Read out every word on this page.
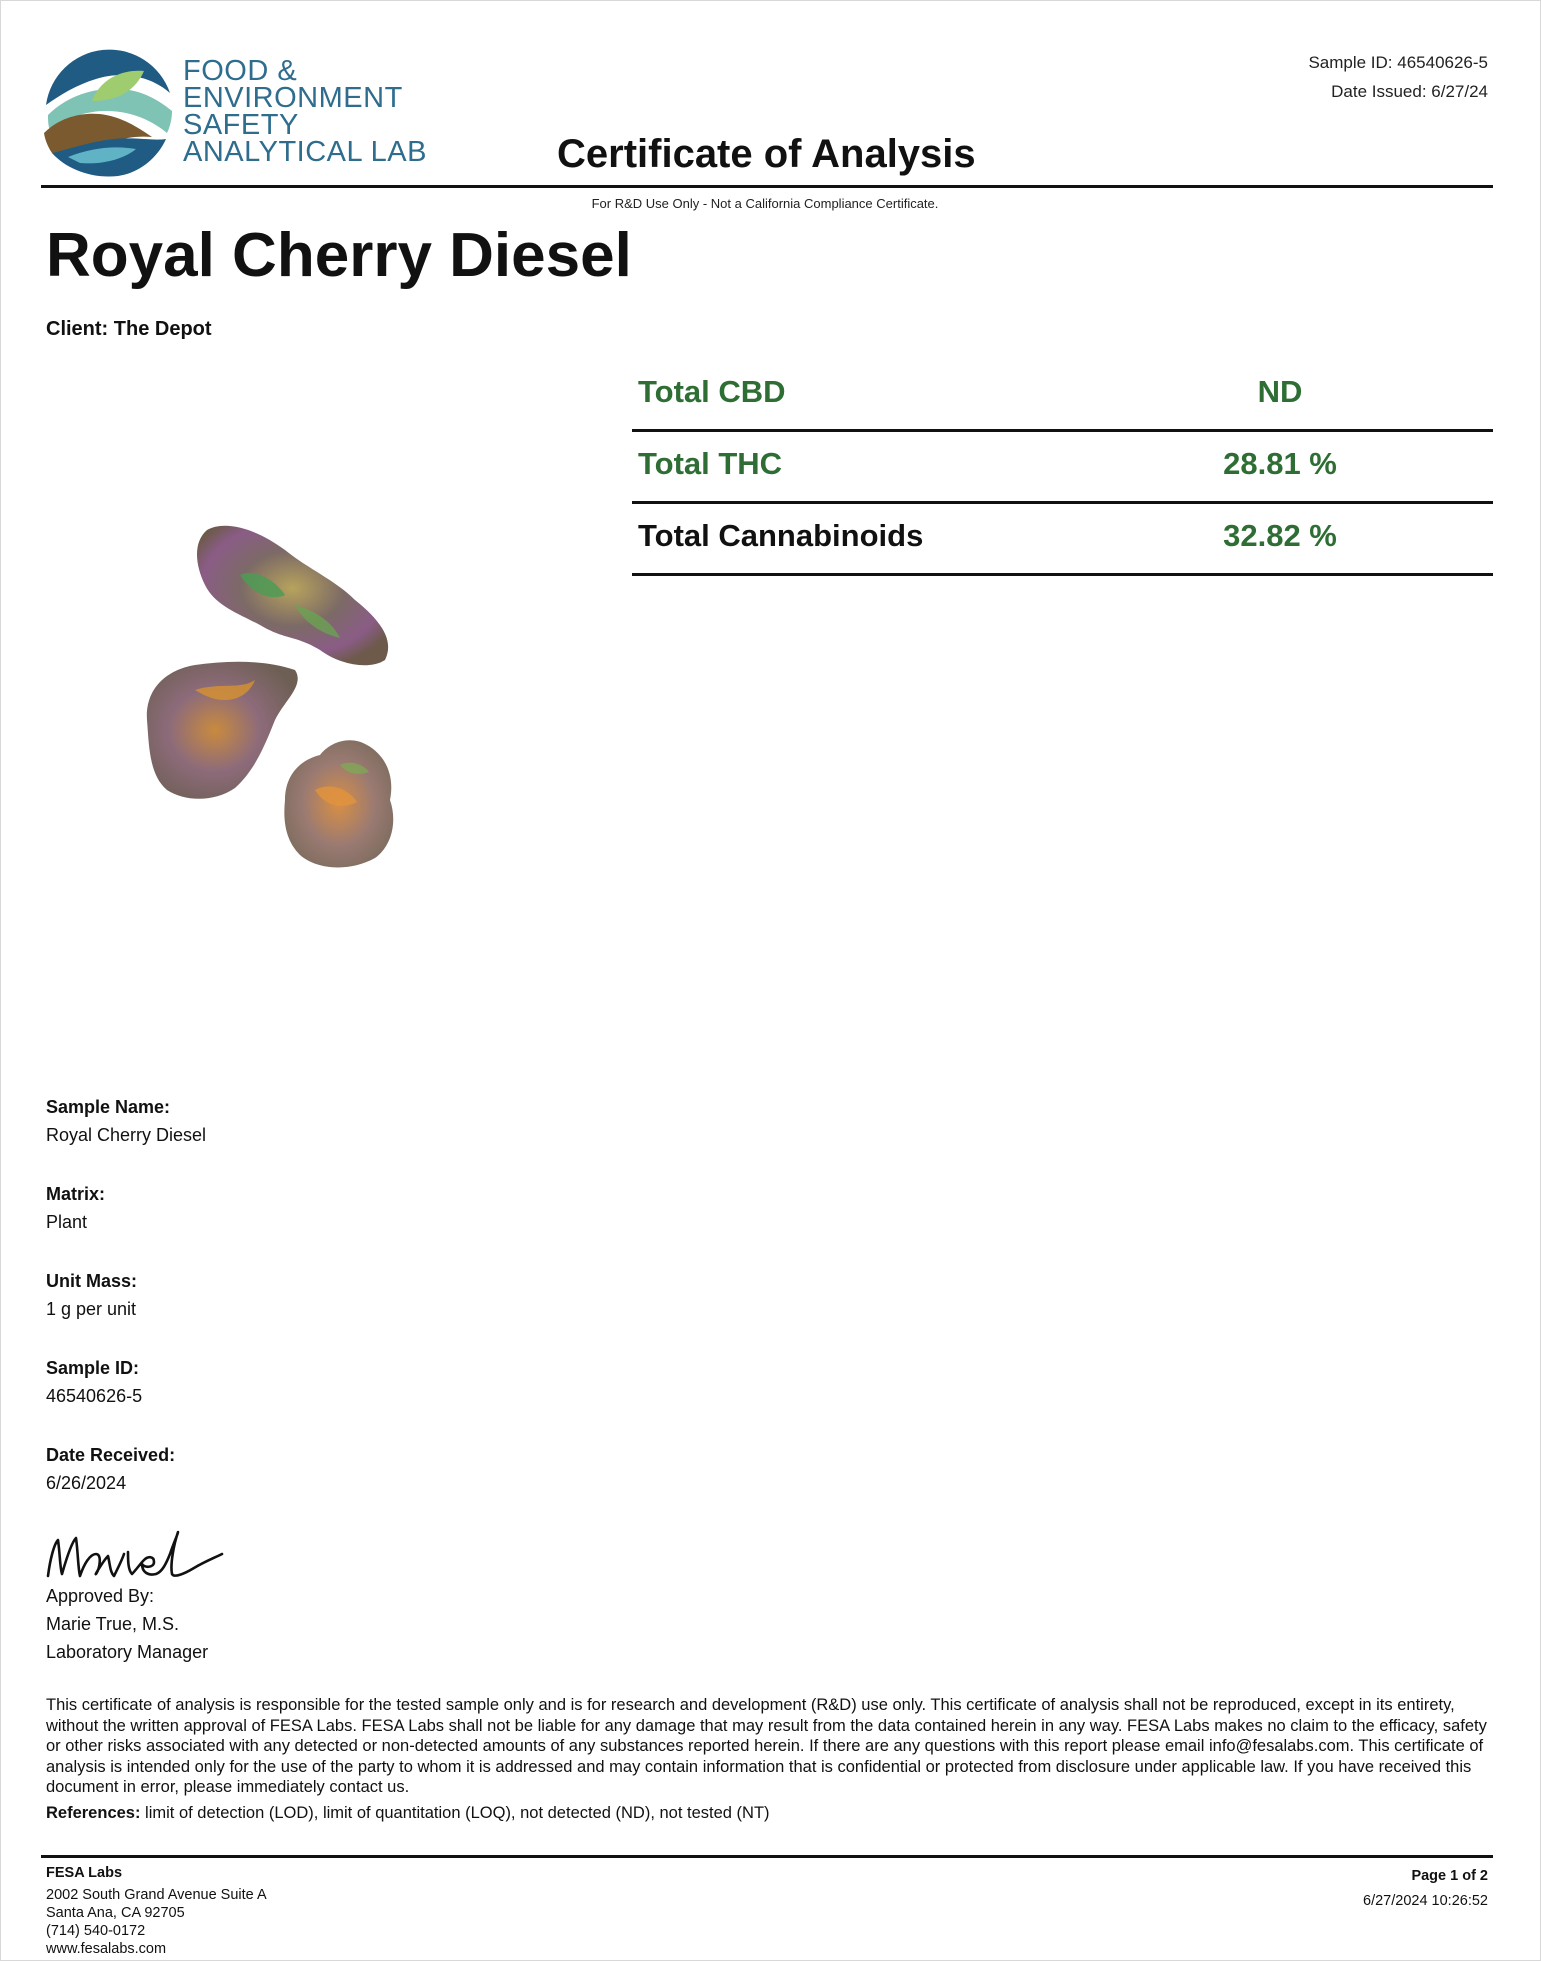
FOOD &
ENVIRONMENT
SAFETY
ANALYTICAL LAB	Certificate of Analysis
Sample ID: 46540626-5
Date Issued: 6/27/24
For R&D Use Only - Not a California Compliance Certificate.
Royal Cherry Diesel
Client: The Depot
Total CBD	ND
Total THC	28.81 %
Total Cannabinoids	32.82 %
Sample Name:
Royal Cherry Diesel
Matrix:
Plant
Unit Mass:
1 g per unit
Sample ID:
46540626-5
Date Received:
6/26/2024
Approved By:
Marie True, M.S.
Laboratory Manager
This certificate of analysis is responsible for the tested sample only and is for research and development (R&D) use only. This certificate of analysis shall not be reproduced, except in its entirety, without the written approval of FESA Labs. FESA Labs shall not be liable for any damage that may result from the data contained herein in any way. FESA Labs makes no claim to the efficacy, safety or other risks associated with any detected or non-detected amounts of any substances reported herein. If there are any questions with this report please email info@fesalabs.com. This certificate of analysis is intended only for the use of the party to whom it is addressed and may contain information that is confidential or protected from disclosure under applicable law. If you have received this document in error, please immediately contact us.
References: limit of detection (LOD), limit of quantitation (LOQ), not detected (ND), not tested (NT)
FESA Labs
2002 South Grand Avenue Suite A
Santa Ana, CA 92705
(714) 540-0172
www.fesalabs.com
Page 1 of 2
6/27/2024 10:26:52
